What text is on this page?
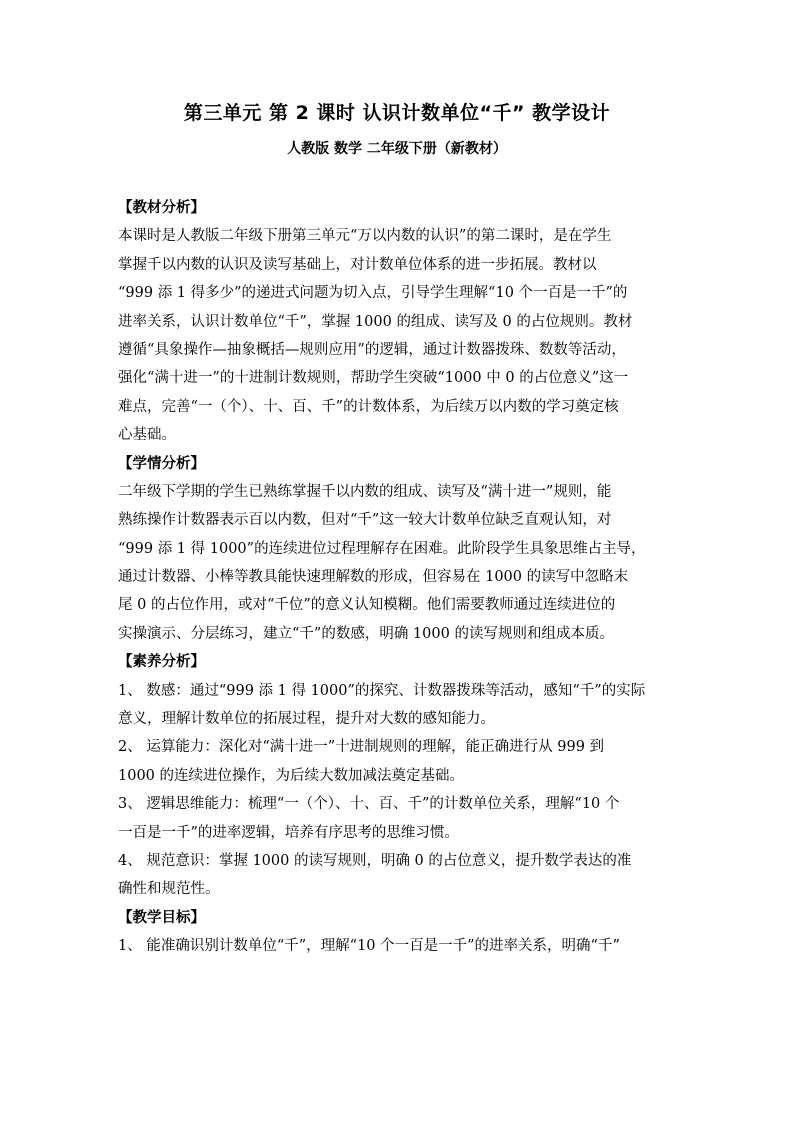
第三单元 第 2 课时 认识计数单位“千” 教学设计
人教版 数学 二年级下册（新教材）
【教材分析】
本课时是人教版二年级下册第三单元“万以内数的认识”的第二课时，是在学生
掌握千以内数的认识及读写基础上，对计数单位体系的进一步拓展。教材以
“999 添 1 得多少”的递进式问题为切入点，引导学生理解“10 个一百是一千”的
进率关系，认识计数单位“千”，掌握 1000 的组成、读写及 0 的占位规则。教材
遵循“具象操作—抽象概括—规则应用”的逻辑，通过计数器拨珠、数数等活动，
强化“满十进一”的十进制计数规则，帮助学生突破“1000 中 0 的占位意义”这一
难点，完善“一（个）、十、百、千”的计数体系，为后续万以内数的学习奠定核
心基础。
【学情分析】
二年级下学期的学生已熟练掌握千以内数的组成、读写及“满十进一”规则，能
熟练操作计数器表示百以内数，但对“千”这一较大计数单位缺乏直观认知，对
“999 添 1 得 1000”的连续进位过程理解存在困难。此阶段学生具象思维占主导，
通过计数器、小棒等教具能快速理解数的形成，但容易在 1000 的读写中忽略末
尾 0 的占位作用，或对“千位”的意义认知模糊。他们需要教师通过连续进位的
实操演示、分层练习，建立“千”的数感，明确 1000 的读写规则和组成本质。
【素养分析】
1、 数感：通过“999 添 1 得 1000”的探究、计数器拨珠等活动，感知“千”的实际
意义，理解计数单位的拓展过程，提升对大数的感知能力。
2、 运算能力：深化对“满十进一”十进制规则的理解，能正确进行从 999 到
1000 的连续进位操作，为后续大数加减法奠定基础。
3、 逻辑思维能力：梳理“一（个）、十、百、千”的计数单位关系，理解“10 个
一百是一千”的进率逻辑，培养有序思考的思维习惯。
4、 规范意识：掌握 1000 的读写规则，明确 0 的占位意义，提升数学表达的准
确性和规范性。
【教学目标】
1、 能准确识别计数单位“千”，理解“10 个一百是一千”的进率关系，明确“千”
